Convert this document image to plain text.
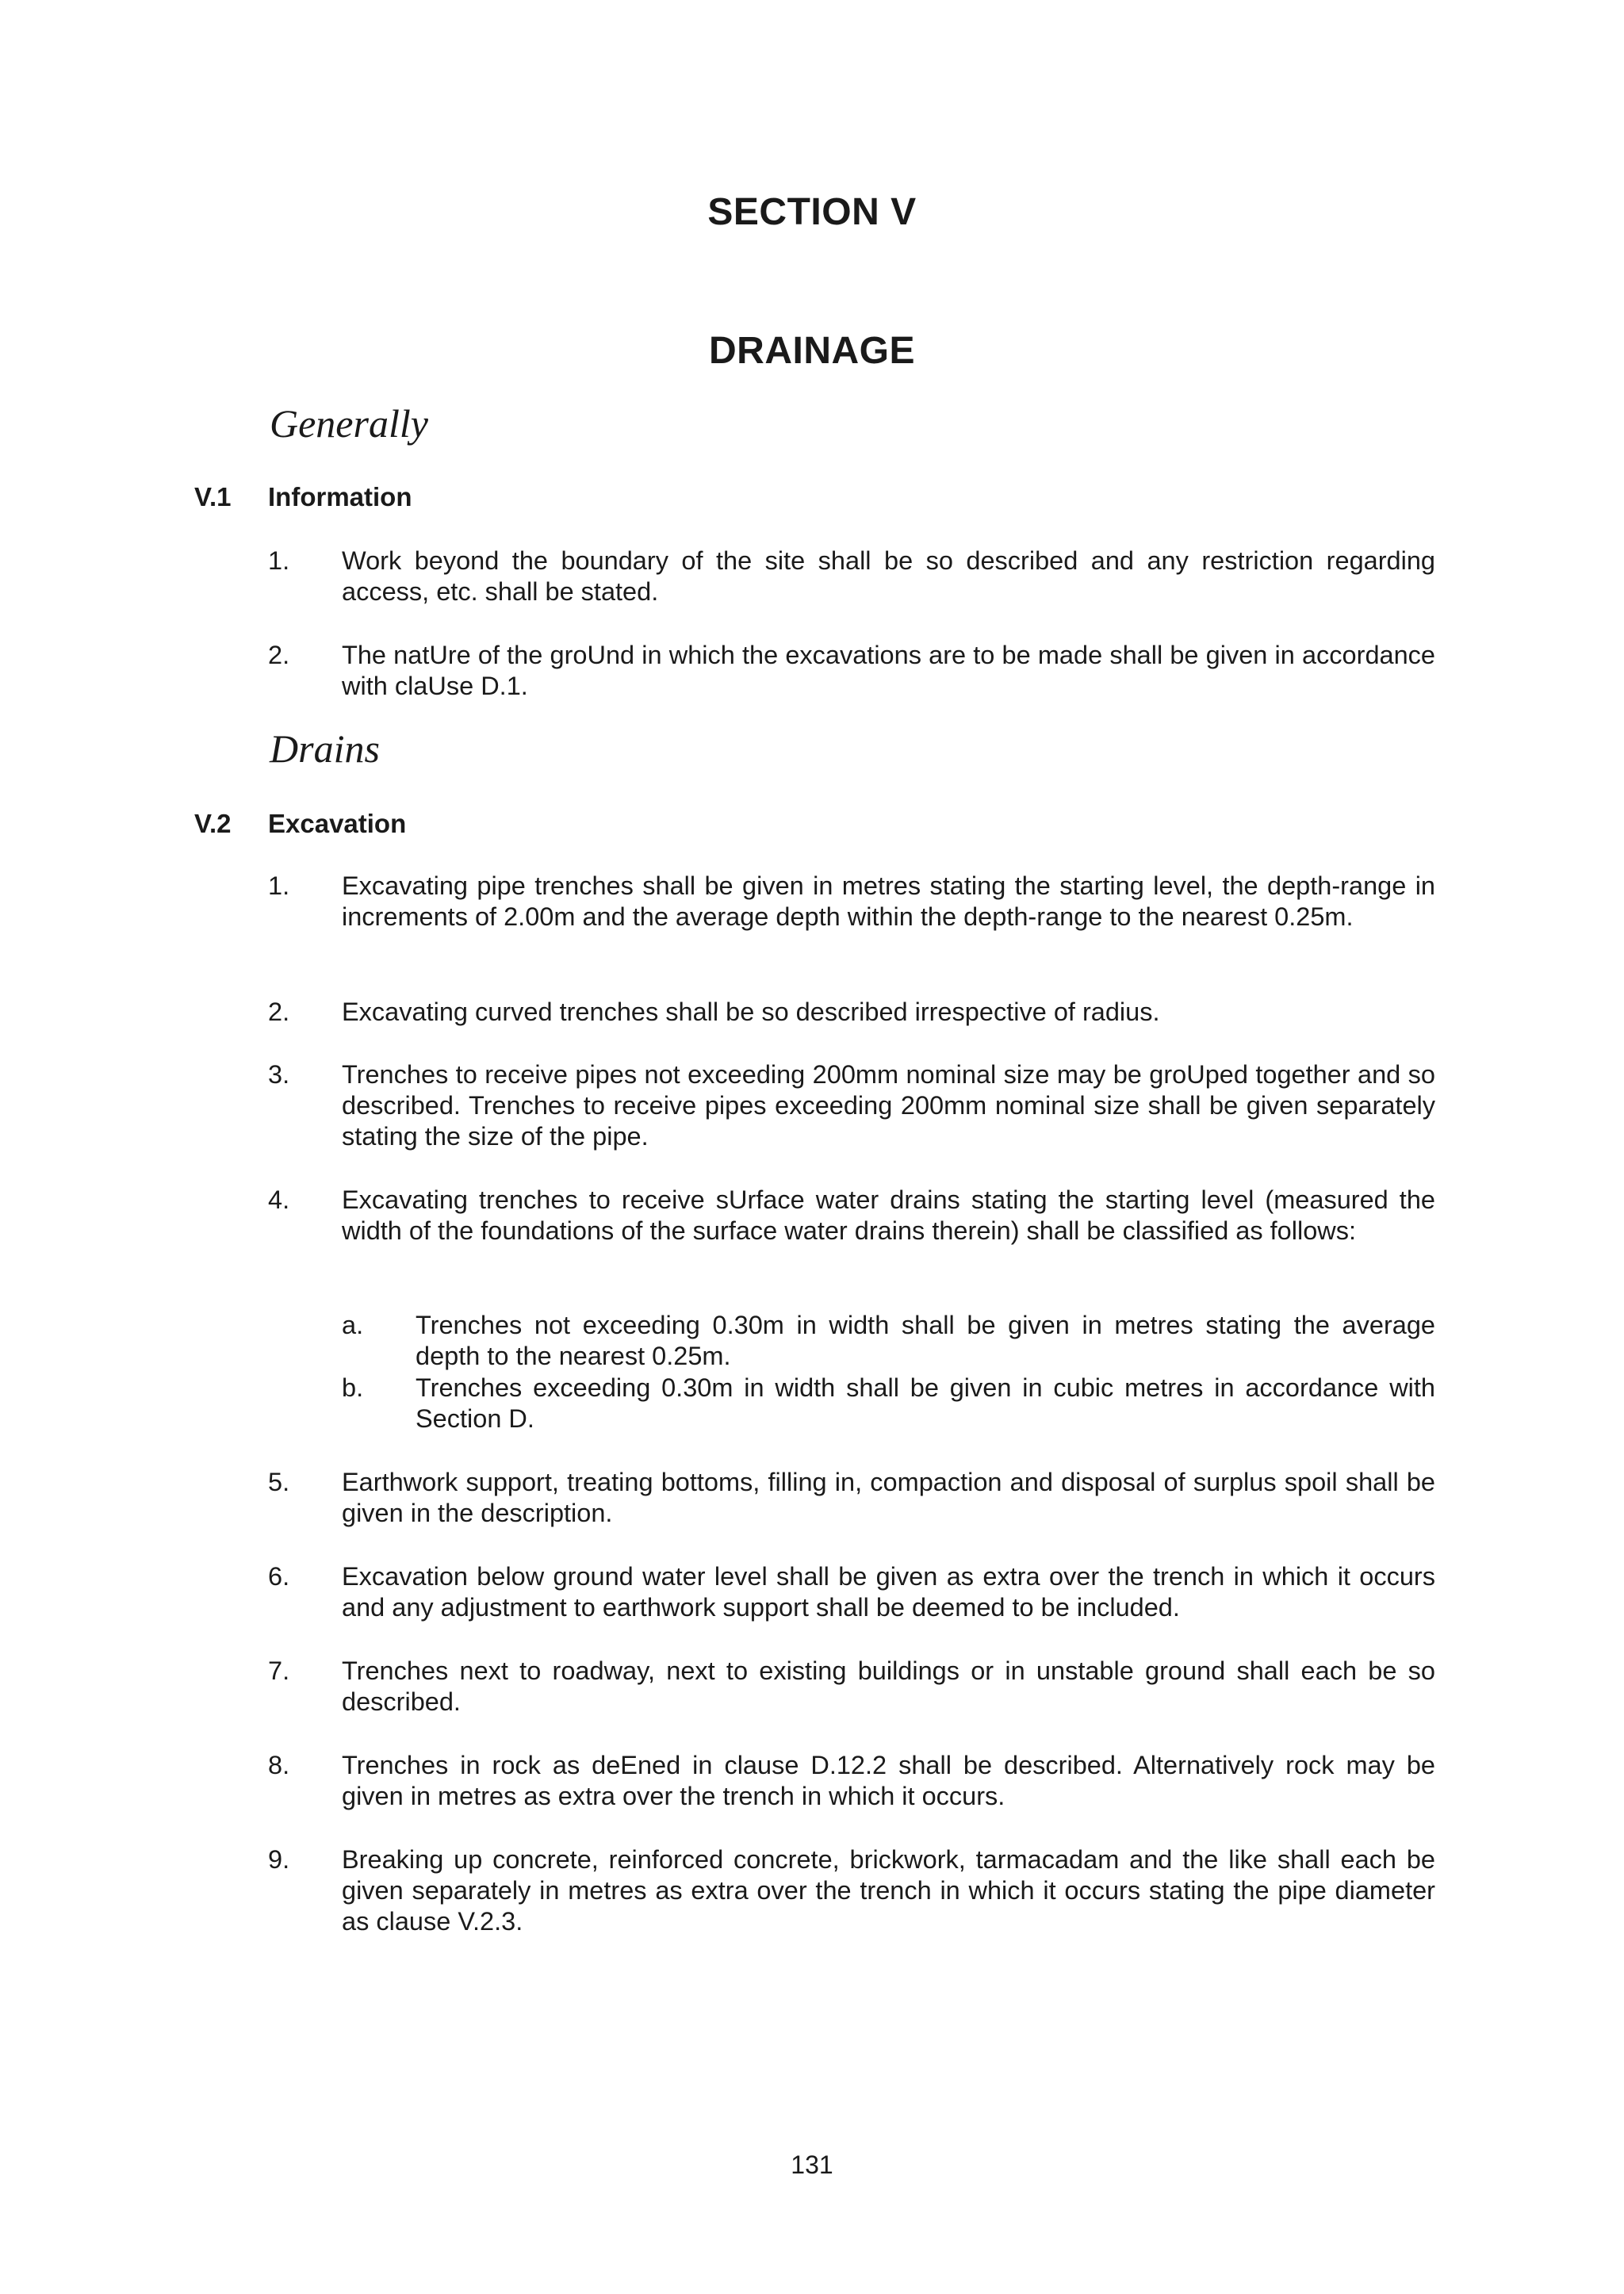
SECTION V
DRAINAGE
Generally
V.1 Information
1. Work beyond the boundary of the site shall be so described and any restriction regarding access, etc. shall be stated.
2. The natUre of the groUnd in which the excavations are to be made shall be given in accordance with claUse D.1.
Drains
V.2 Excavation
1. Excavating pipe trenches shall be given in metres stating the starting level, the depth-range in increments of 2.00m and the average depth within the depth-range to the nearest 0.25m.
2. Excavating curved trenches shall be so described irrespective of radius.
3. Trenches to receive pipes not exceeding 200mm nominal size may be groUped together and so described. Trenches to receive pipes exceeding 200mm nominal size shall be given separately stating the size of the pipe.
4. Excavating trenches to receive sUrface water drains stating the starting level (measured the width of the foundations of the surface water drains therein) shall be classified as follows:
a. Trenches not exceeding 0.30m in width shall be given in metres stating the average depth to the nearest 0.25m.
b. Trenches exceeding 0.30m in width shall be given in cubic metres in accordance with Section D.
5. Earthwork support, treating bottoms, filling in, compaction and disposal of surplus spoil shall be given in the description.
6. Excavation below ground water level shall be given as extra over the trench in which it occurs and any adjustment to earthwork support shall be deemed to be included.
7. Trenches next to roadway, next to existing buildings or in unstable ground shall each be so described.
8. Trenches in rock as deEned in clause D.12.2 shall be described. Alternatively rock may be given in metres as extra over the trench in which it occurs.
9. Breaking up concrete, reinforced concrete, brickwork, tarmacadam and the like shall each be given separately in metres as extra over the trench in which it occurs stating the pipe diameter as clause V.2.3.
131
